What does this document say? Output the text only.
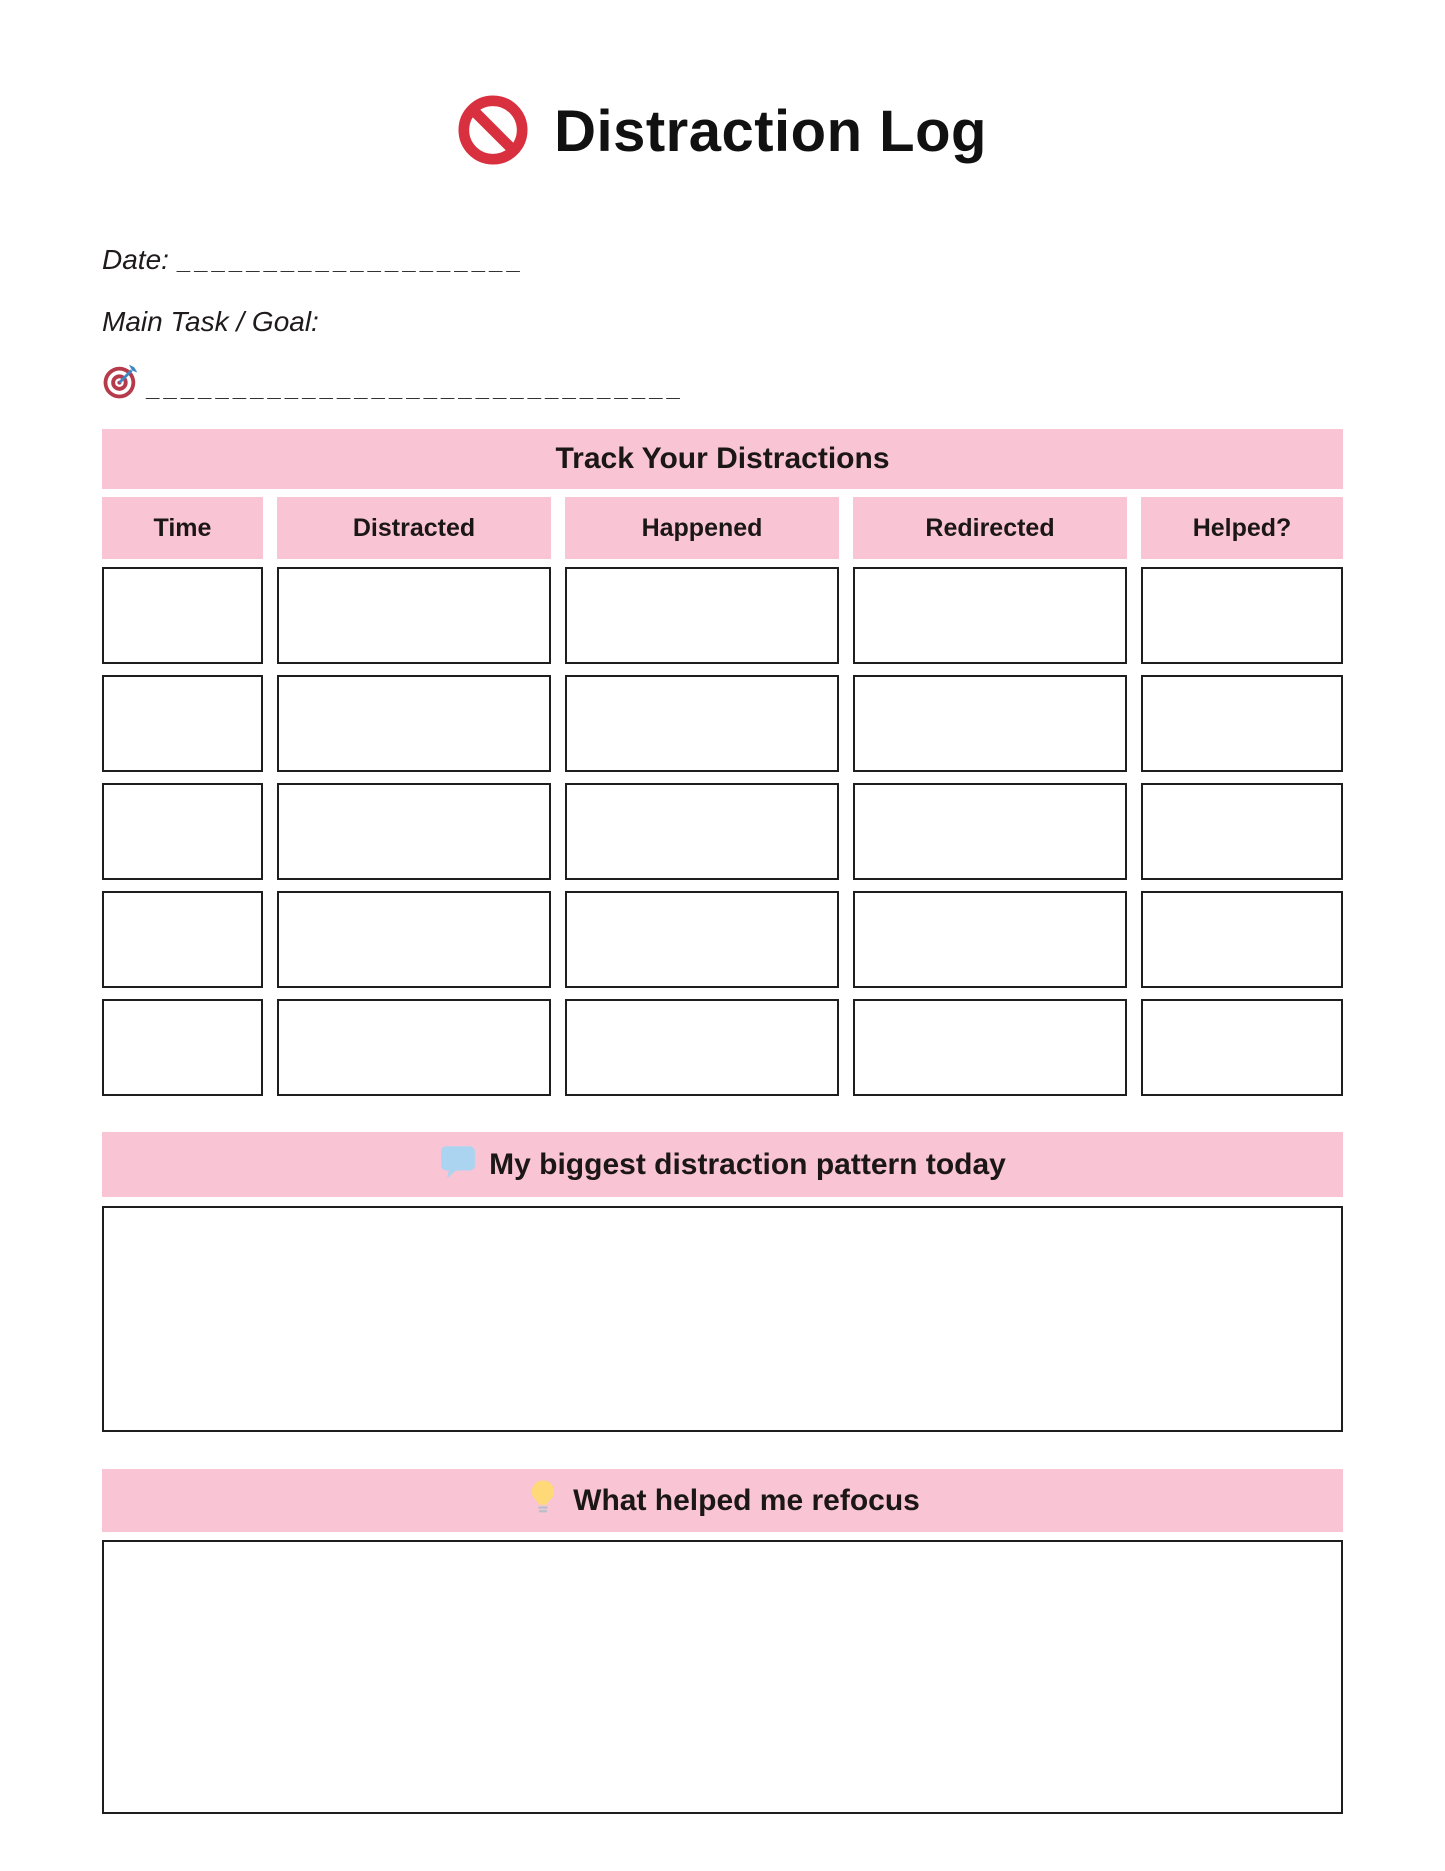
Distraction Log
Date: ____________________
Main Task / Goal:
_______________________________
Track Your Distractions
Time	Distracted	Happened	Redirected	Helped?
My biggest distraction pattern today
What helped me refocus
